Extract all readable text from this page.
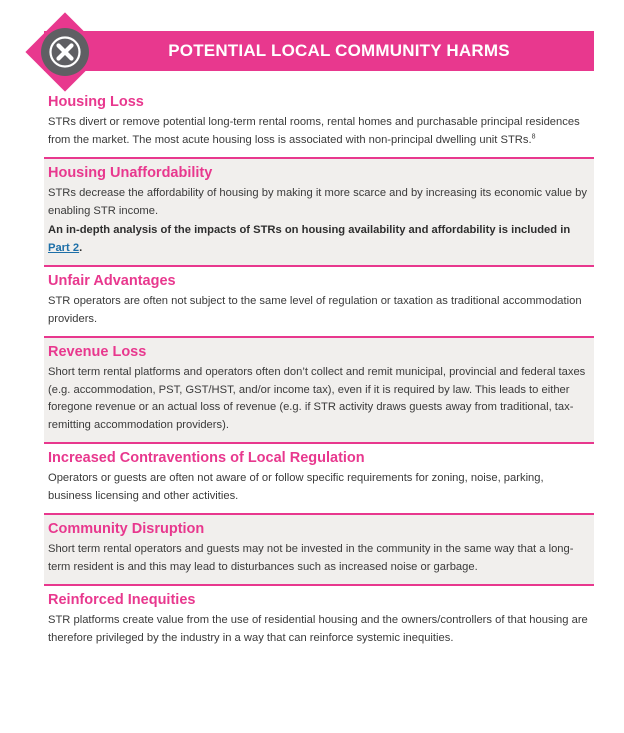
POTENTIAL LOCAL COMMUNITY HARMS
Housing Loss

STRs divert or remove potential long-term rental rooms, rental homes and purchasable principal residences from the market. The most acute housing loss is associated with non-principal dwelling unit STRs.$^8$

Housing Unaffordability

STRs decrease the affordability of housing by making it more scarce and by increasing its economic value by enabling STR income.

An in-depth analysis of the impacts of STRs on housing availability and affordability is included in Part 2.

Unfair Advantages

STR operators are often not subject to the same level of regulation or taxation as traditional accommodation providers.

Revenue Loss

Short term rental platforms and operators often don’t collect and remit municipal, provincial and federal taxes (e.g. accommodation, PST, GST/HST, and/or income tax), even if it is required by law. This leads to either foregone revenue or an actual loss of revenue (e.g. if STR activity draws guests away from traditional, tax-remitting accommodation providers).

Increased Contraventions of Local Regulation

Operators or guests are often not aware of or follow specific requirements for zoning, noise, parking, business licensing and other activities.

Community Disruption

Short term rental operators and guests may not be invested in the community in the same way that a long-term resident is and this may lead to disturbances such as increased noise or garbage.

Reinforced Inequities

STR platforms create value from the use of residential housing and the owners/controllers of that housing are therefore privileged by the industry in a way that can reinforce systemic inequities.
